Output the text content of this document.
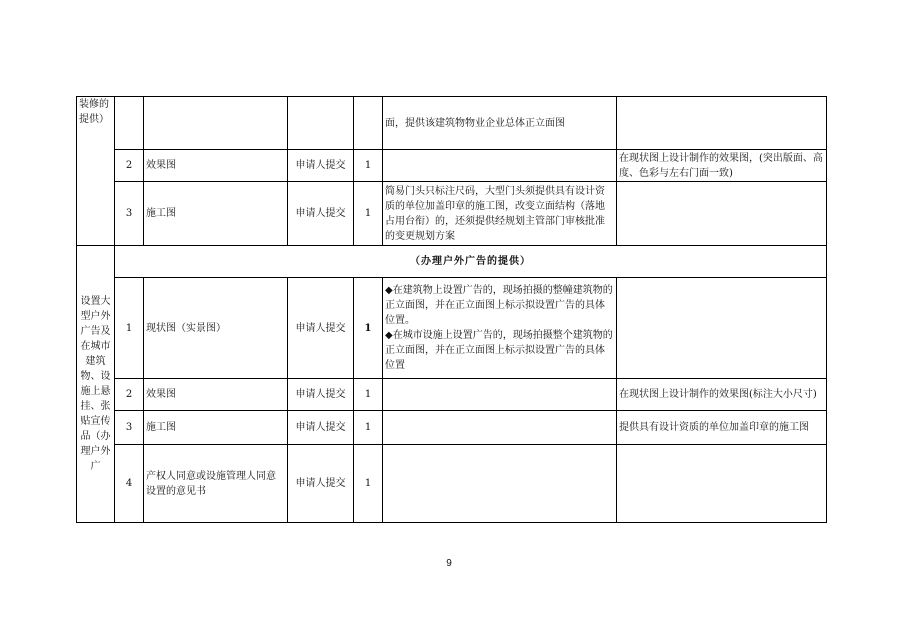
装修的提供）					面，提供该建筑物物业企业总体正立面图	
	2	效果图	申请人提交	1		在现状图上设计制作的效果图，(突出版面、高度、色彩与左右门面一致)
	3	施工图	申请人提交	1	简易门头只标注尺码，大型门头须提供具有设计资质的单位加盖印章的施工图，改变立面结构（落地占用台衔）的，还须提供经规划主管部门审核批准的变更规划方案	
设置大型户外广告及在城市建筑物、设施上悬挂、张贴宣传品（办理户外广	（办理户外广告的提供）					
	1	现状图（实景图）	申请人提交	1	◆在建筑物上设置广告的，现场拍摄的整幢建筑物的正立面图，并在正立面图上标示拟设置广告的具体位置。
◆在城市设施上设置广告的，现场拍摄整个建筑物的正立面图，并在正立面图上标示拟设置广告的具体位置	

	2	效果图	申请人提交	1		在现状图上设计制作的效果图(标注大小尺寸)
	3	施工图	申请人提交	1		提供具有设计资质的单位加盖印章的施工图
	4	产权人同意或设施管理人同意设置的意见书	申请人提交	1		
9
